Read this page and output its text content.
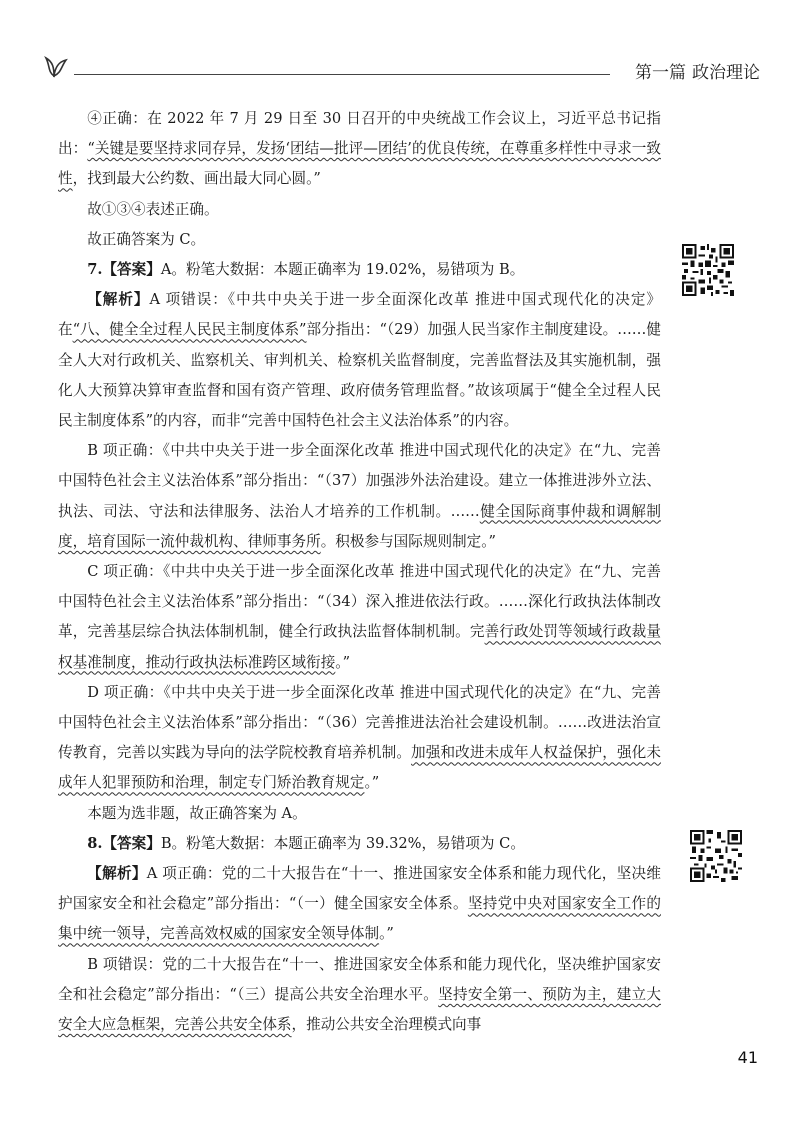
第一篇 政治理论

④正确：在 2022 年 7 月 29 日至 30 日召开的中央统战工作会议上，习近平总书记指出：“关键是要坚持求同存异，发扬‘团结—批评—团结’的优良传统，在尊重多样性中寻求一致性，找到最大公约数、画出最大同心圆。”

故①③④表述正确。

故正确答案为 C。

7.【答案】A。粉笔大数据：本题正确率为 19.02%，易错项为 B。

【解析】A 项错误：《中共中央关于进一步全面深化改革 推进中国式现代化的决定》在“八、健全全过程人民民主制度体系”部分指出：“（29）加强人民当家作主制度建设。……健全人大对行政机关、监察机关、审判机关、检察机关监督制度，完善监督法及其实施机制，强化人大预算决算审查监督和国有资产管理、政府债务管理监督。”故该项属于“健全全过程人民民主制度体系”的内容，而非“完善中国特色社会主义法治体系”的内容。

B 项正确：《中共中央关于进一步全面深化改革 推进中国式现代化的决定》在“九、完善中国特色社会主义法治体系”部分指出：“（37）加强涉外法治建设。建立一体推进涉外立法、执法、司法、守法和法律服务、法治人才培养的工作机制。……健全国际商事仲裁和调解制度，培育国际一流仲裁机构、律师事务所。积极参与国际规则制定。”

C 项正确：《中共中央关于进一步全面深化改革 推进中国式现代化的决定》在“九、完善中国特色社会主义法治体系”部分指出：“（34）深入推进依法行政。……深化行政执法体制改革，完善基层综合执法体制机制，健全行政执法监督体制机制。完善行政处罚等领域行政裁量权基准制度，推动行政执法标准跨区域衔接。”

D 项正确：《中共中央关于进一步全面深化改革 推进中国式现代化的决定》在“九、完善中国特色社会主义法治体系”部分指出：“（36）完善推进法治社会建设机制。……改进法治宣传教育，完善以实践为导向的法学院校教育培养机制。加强和改进未成年人权益保护，强化未成年人犯罪预防和治理，制定专门矫治教育规定。”

本题为选非题，故正确答案为 A。

8.【答案】B。粉笔大数据：本题正确率为 39.32%，易错项为 C。

【解析】A 项正确：党的二十大报告在“十一、推进国家安全体系和能力现代化，坚决维护国家安全和社会稳定”部分指出：“（一）健全国家安全体系。坚持党中央对国家安全工作的集中统一领导，完善高效权威的国家安全领导体制。”

B 项错误：党的二十大报告在“十一、推进国家安全体系和能力现代化，坚决维护国家安全和社会稳定”部分指出：“（三）提高公共安全治理水平。坚持安全第一、预防为主，建立大安全大应急框架，完善公共安全体系，推动公共安全治理模式向事

41
